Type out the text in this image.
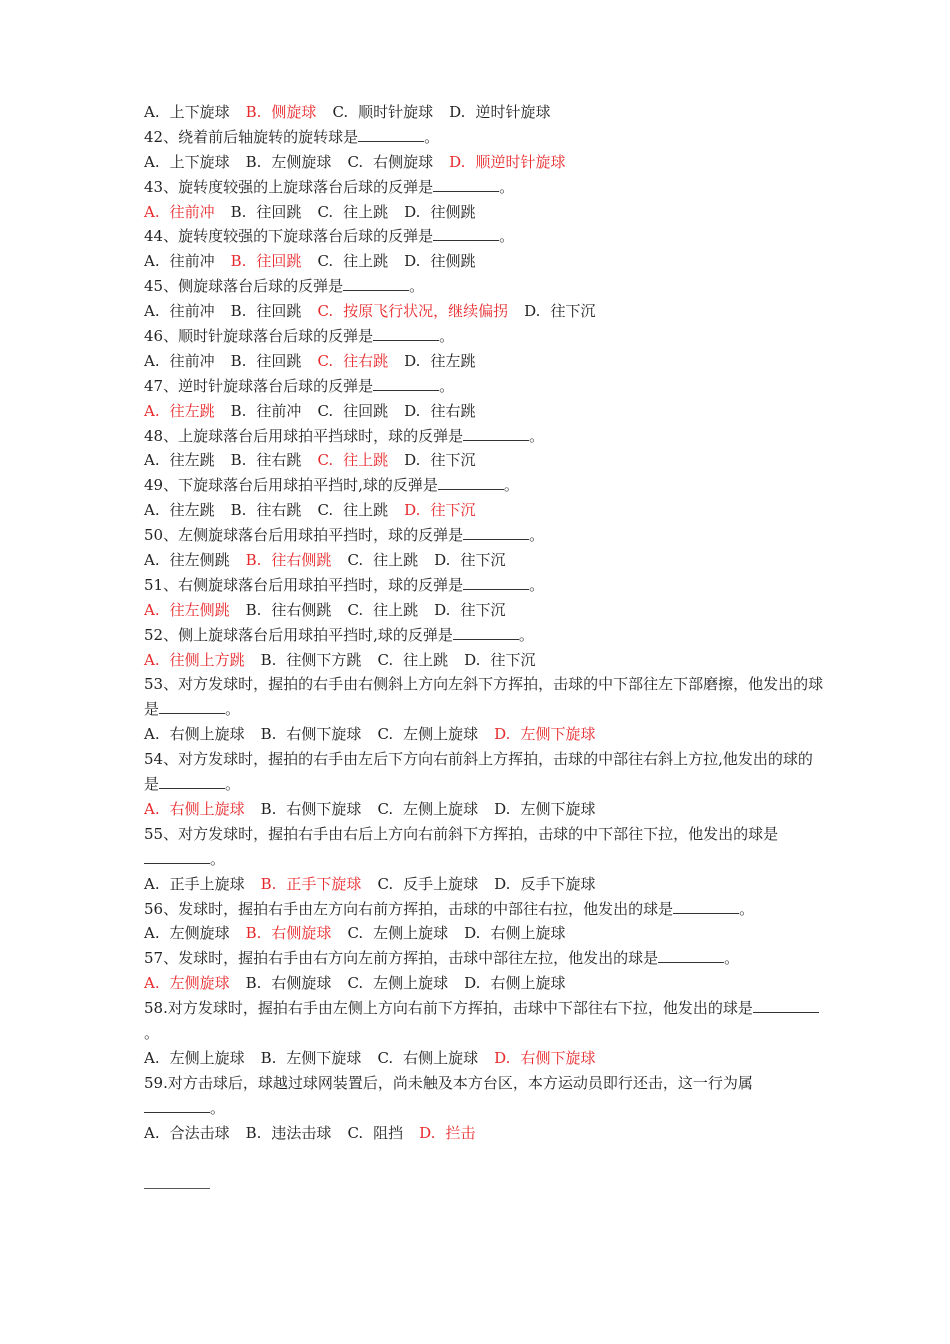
A. 上下旋球 B. 侧旋球 C. 顺时针旋球 D. 逆时针旋球
42、绕着前后轴旋转的旋转球是	。
A. 上下旋球 B. 左侧旋球 C. 右侧旋球 D. 顺逆时针旋球
43、旋转度较强的上旋球落台后球的反弹是	。
A. 往前冲 B. 往回跳 C. 往上跳 D. 往侧跳
44、旋转度较强的下旋球落台后球的反弹是	。
A. 往前冲 B. 往回跳 C. 往上跳 D. 往侧跳
45、侧旋球落台后球的反弹是	。
A. 往前冲 B. 往回跳 C. 按原飞行状况，继续偏拐 D. 往下沉
46、顺时针旋球落台后球的反弹是	。
A. 往前冲 B. 往回跳 C. 往右跳 D. 往左跳
47、逆时针旋球落台后球的反弹是	。
A. 往左跳 B. 往前冲 C. 往回跳 D. 往右跳
48、上旋球落台后用球拍平挡球时，球的反弹是	。
A. 往左跳 B. 往右跳 C. 往上跳 D. 往下沉
49、下旋球落台后用球拍平挡时,球的反弹是	。
A. 往左跳 B. 往右跳 C. 往上跳 D. 往下沉
50、左侧旋球落台后用球拍平挡时，球的反弹是	。
A. 往左侧跳 B. 往右侧跳 C. 往上跳 D. 往下沉
51、右侧旋球落台后用球拍平挡时，球的反弹是	。
A. 往左侧跳 B. 往右侧跳 C. 往上跳 D. 往下沉
52、侧上旋球落台后用球拍平挡时,球的反弹是	。
A. 往侧上方跳 B. 往侧下方跳 C. 往上跳 D. 往下沉
53、对方发球时，握拍的右手由右侧斜上方向左斜下方挥拍，击球的中下部往左下部磨擦，他发出的球是	。
A. 右侧上旋球 B. 右侧下旋球 C. 左侧上旋球 D. 左侧下旋球
54、对方发球时，握拍的右手由左后下方向右前斜上方挥拍，击球的中部往右斜上方拉,他发出的球的是	。
A. 右侧上旋球 B. 右侧下旋球 C. 左侧上旋球 D. 左侧下旋球
55、对方发球时，握拍右手由右后上方向右前斜下方挥拍，击球的中下部往下拉，他发出的球是。
A. 正手上旋球 B. 正手下旋球 C. 反手上旋球 D. 反手下旋球
56、发球时，握拍右手由左方向右前方挥拍，击球的中部往右拉，他发出的球是	。
A. 左侧旋球 B. 右侧旋球 C. 左侧上旋球 D. 右侧上旋球
57、发球时，握拍右手由右方向左前方挥拍，击球中部往左拉，他发出的球是	。
A. 左侧旋球 B. 右侧旋球 C. 左侧上旋球 D. 右侧上旋球
58.对方发球时，握拍右手由左侧上方向右前下方挥拍，击球中下部往右下拉，他发出的球是。
A. 左侧上旋球 B. 左侧下旋球 C. 右侧上旋球 D. 右侧下旋球
59.对方击球后，球越过球网装置后，尚未触及本方台区，本方运动员即行还击，这一行为属
。
A. 合法击球 B. 违法击球 C. 阻挡 D. 拦击
